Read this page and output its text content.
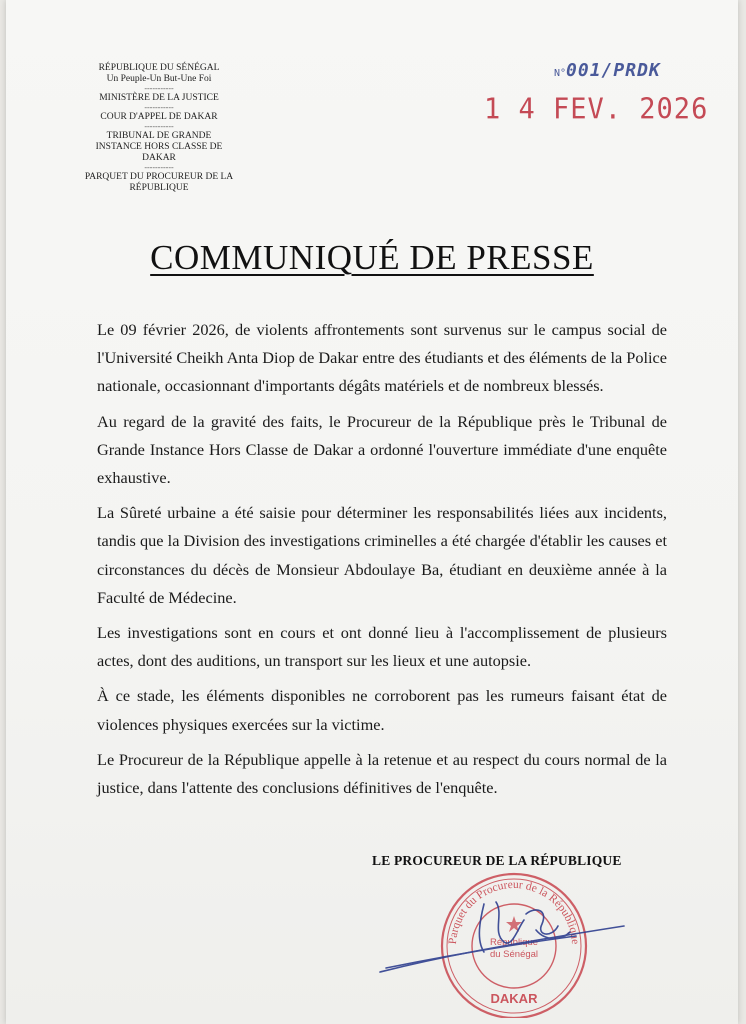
RÉPUBLIQUE DU SÉNÉGAL
Un Peuple-Un But-Une Foi
-----------
MINISTÈRE DE LA JUSTICE
-----------
COUR D'APPEL DE DAKAR
-----------
TRIBUNAL DE GRANDE INSTANCE HORS CLASSE DE DAKAR
-----------
PARQUET DU PROCUREUR DE LA RÉPUBLIQUE
N°001/PRDK
1 4 FEV. 2026
COMMUNIQUÉ DE PRESSE

Le 09 février 2026, de violents affrontements sont survenus sur le campus social de l'Université Cheikh Anta Diop de Dakar entre des étudiants et des éléments de la Police nationale, occasionnant d'importants dégâts matériels et de nombreux blessés.

Au regard de la gravité des faits, le Procureur de la République près le Tribunal de Grande Instance Hors Classe de Dakar a ordonné l'ouverture immédiate d'une enquête exhaustive.

La Sûreté urbaine a été saisie pour déterminer les responsabilités liées aux incidents, tandis que la Division des investigations criminelles a été chargée d'établir les causes et circonstances du décès de Monsieur Abdoulaye Ba, étudiant en deuxième année à la Faculté de Médecine.

Les investigations sont en cours et ont donné lieu à l'accomplissement de plusieurs actes, dont des auditions, un transport sur les lieux et une autopsie.

À ce stade, les éléments disponibles ne corroborent pas les rumeurs faisant état de violences physiques exercées sur la victime.

Le Procureur de la République appelle à la retenue et au respect du cours normal de la justice, dans l'attente des conclusions définitives de l'enquête.

LE PROCUREUR DE LA RÉPUBLIQUE
Parquet du Procureur de la République
République
du Sénégal
DAKAR
